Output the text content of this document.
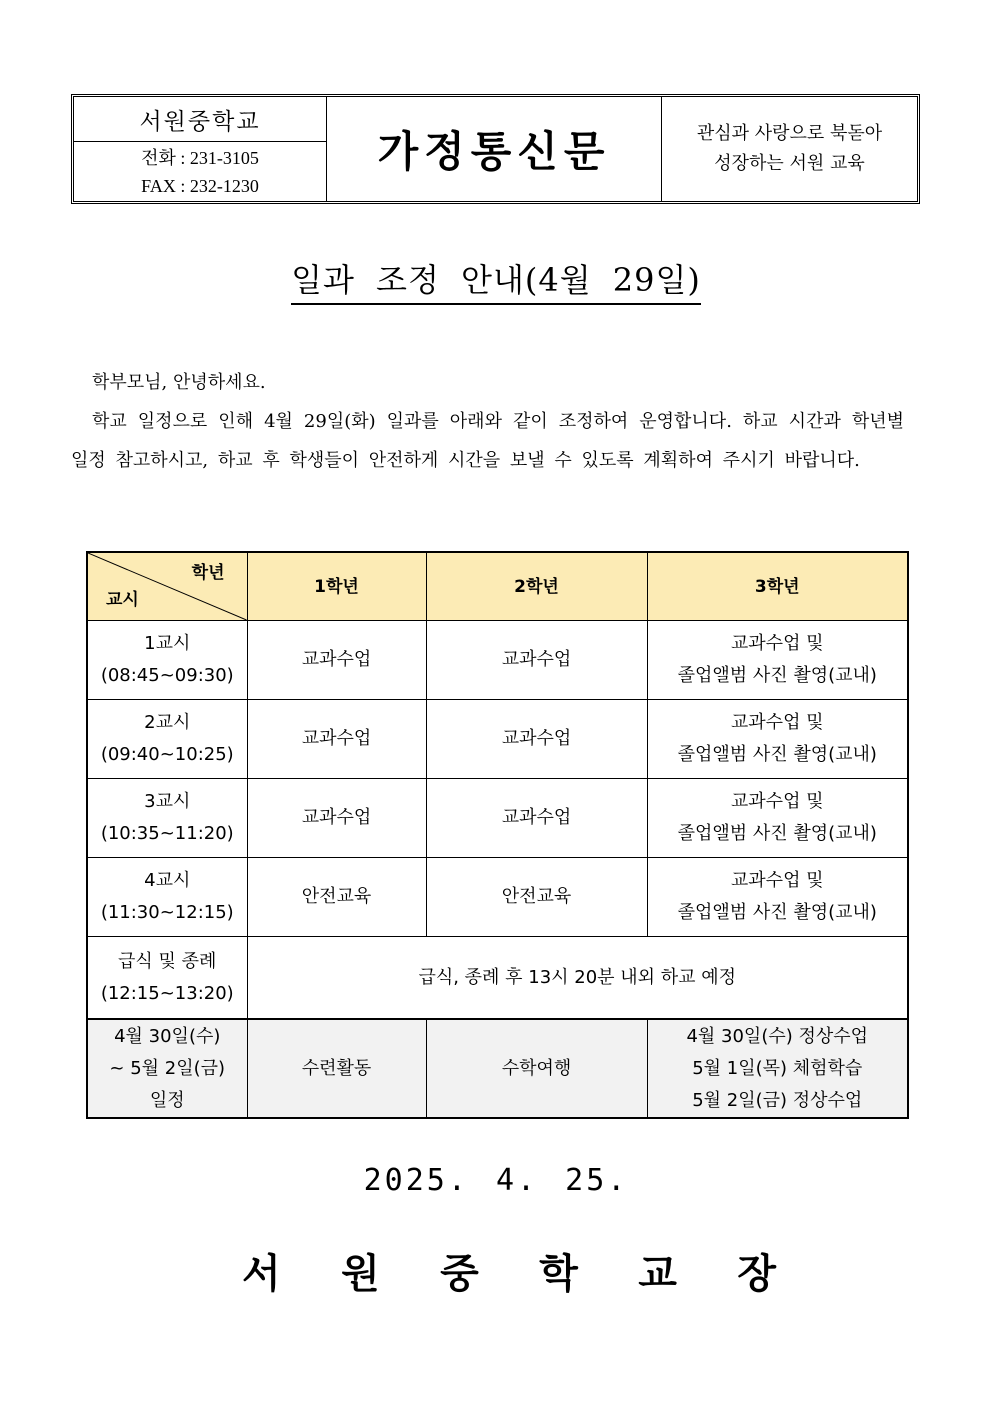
서원중학교
전화 : 231-3105
FAX : 232-1230
가정통신문	관심과 사랑으로 북돋아
성장하는 서원 교육
일과 조정 안내(4월 29일)
학부모님, 안녕하세요.
학교 일정으로 인해 4월 29일(화) 일과를 아래와 같이 조정하여 운영합니다. 하교 시간과 학년별 일정 참고하시고, 하교 후 학생들이 안전하게 시간을 보낼 수 있도록 계획하여 주시기 바랍니다.
학년
교시	1학년	2학년	3학년

1교시
(08:45~09:30)	교과수업	교과수업	교과수업 및
졸업앨범 사진 촬영(교내)

2교시
(09:40~10:25)	교과수업	교과수업	교과수업 및
졸업앨범 사진 촬영(교내)

3교시
(10:35~11:20)	교과수업	교과수업	교과수업 및
졸업앨범 사진 촬영(교내)

4교시
(11:30~12:15)	안전교육	안전교육	교과수업 및
졸업앨범 사진 촬영(교내)

급식 및 종례
(12:15~13:20)	급식, 종례 후 13시 20분 내외 하교 예정		

4월 30일(수)
~ 5월 2일(금)
일정	수련활동	수학여행	4월 30일(수) 정상수업
5월 1일(목) 체험학습
5월 2일(금) 정상수업
2025. 4. 25.
서 원 중 학 교 장
